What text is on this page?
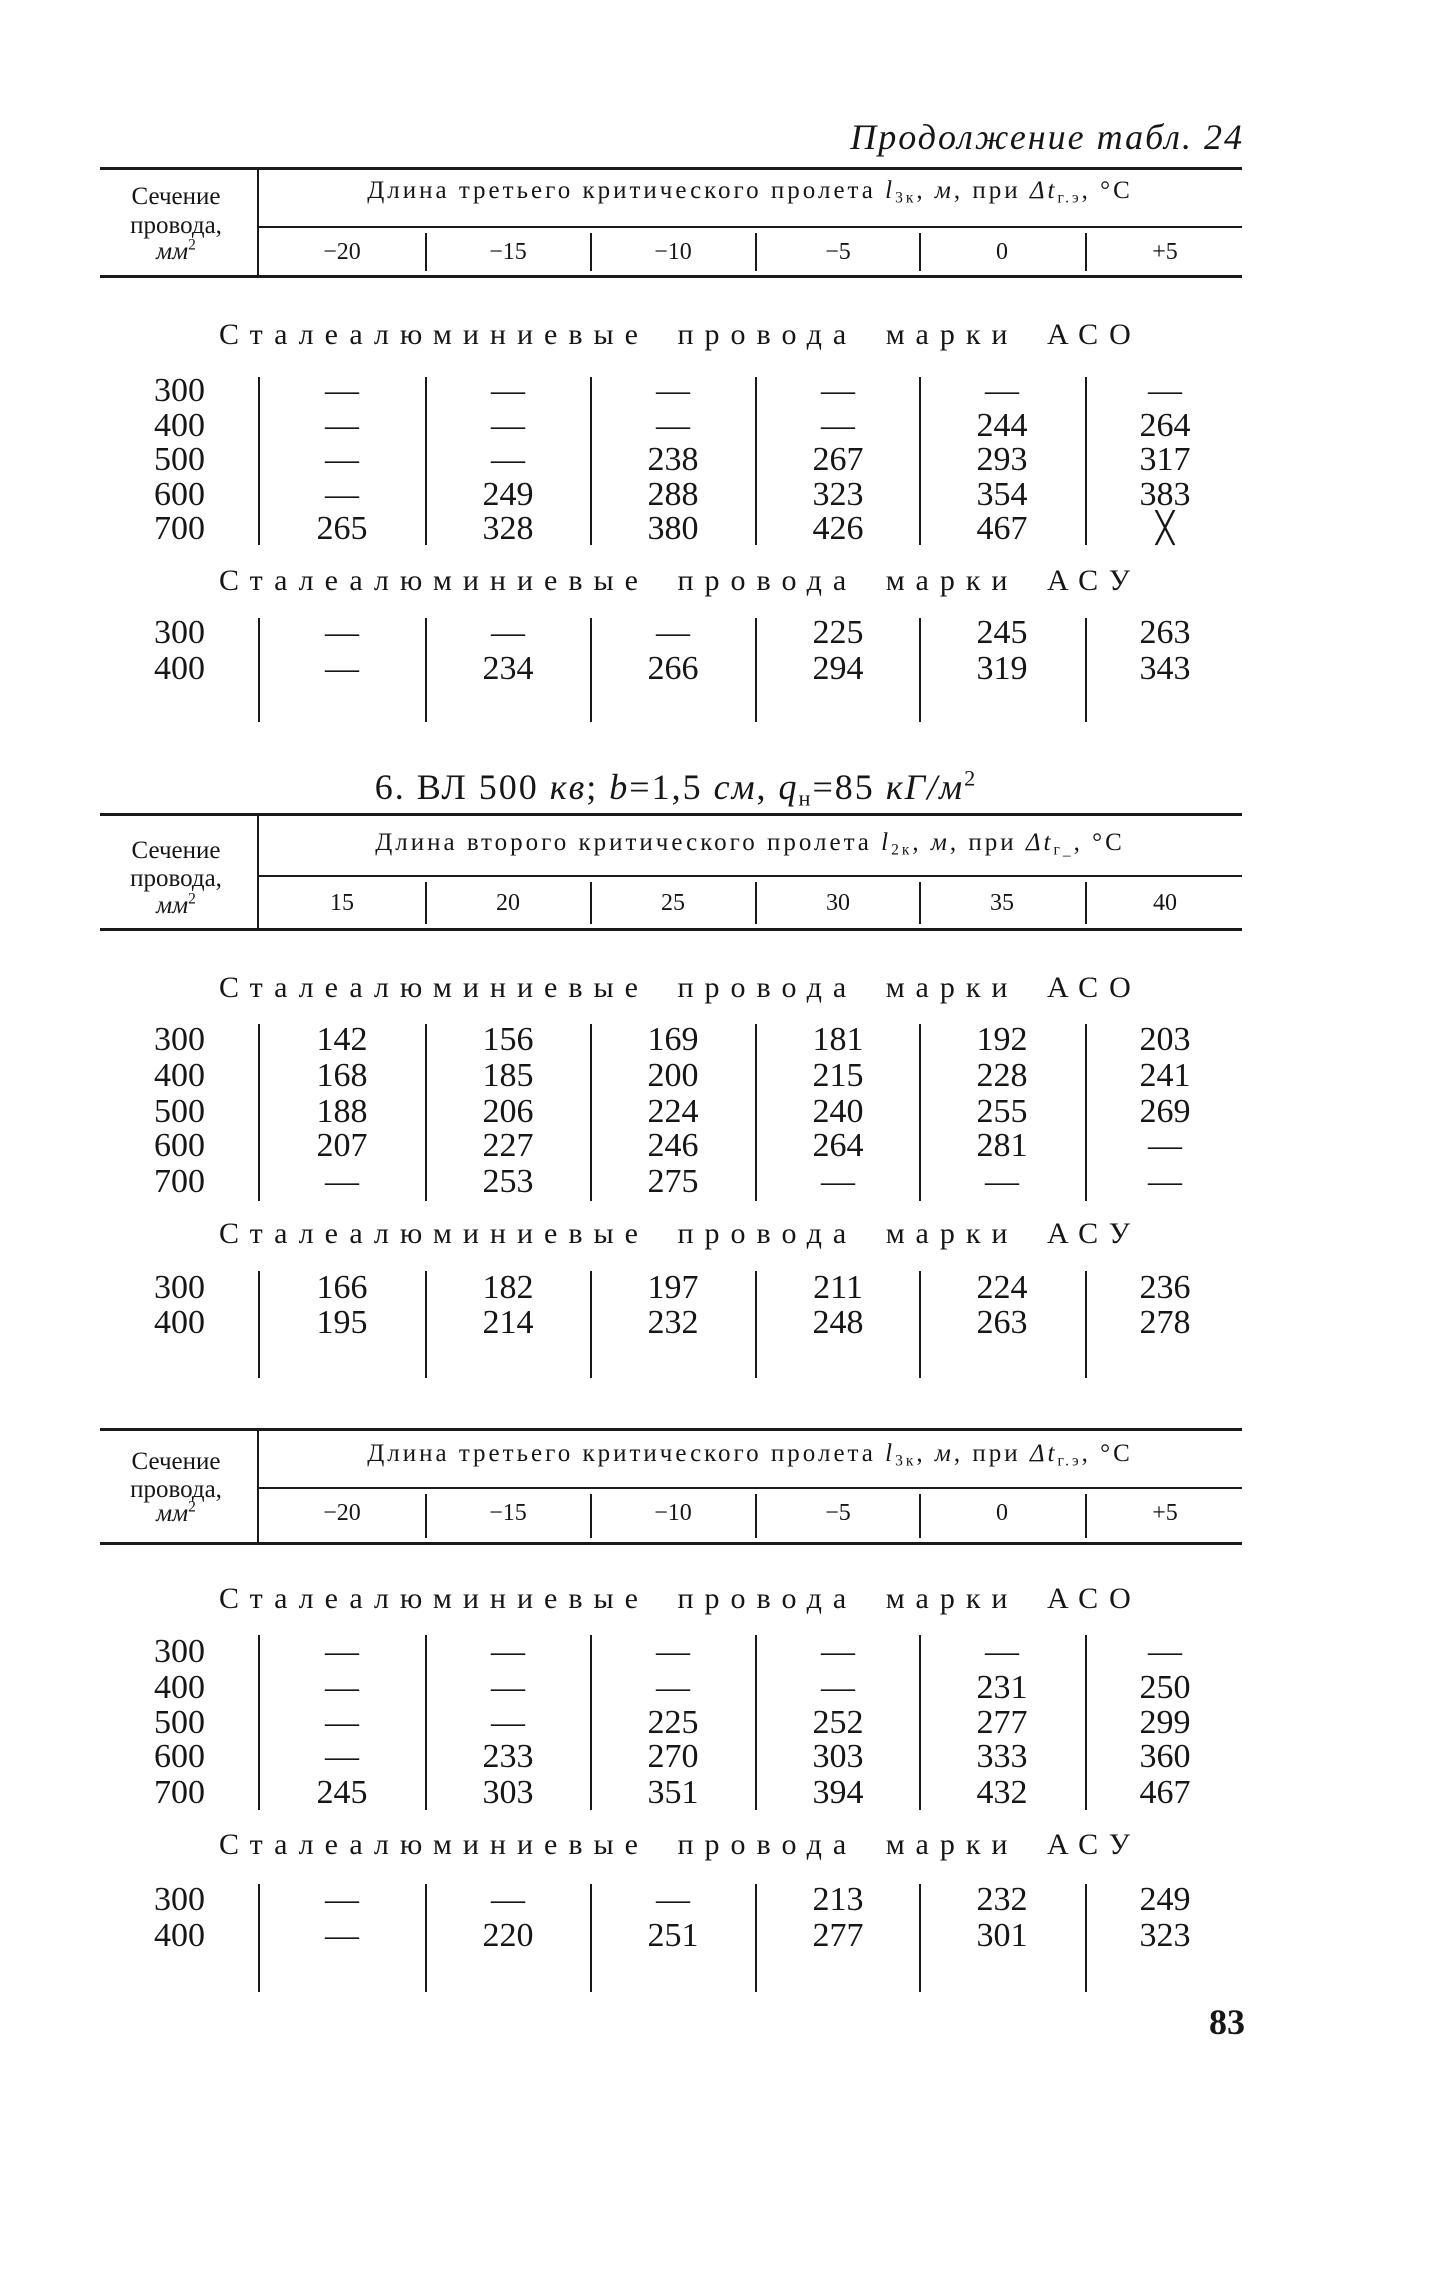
Продолжение табл. 24
6. ВЛ 500 кв; b=1,5 см, $q_н=85$ $кГ/м^2$
83
Сечение
провода,
$мм^2$
Длина третьего критического пролета $l_{3к}$, м, при $\Delta t_{г.э}$, °С
−20	−15	−10	−5	0	+5
Сталеалюминиевые провода марки АСО
300	—	—	—	—	—	—
400	—	—	—	—	244	264
500	—	—	238	267	293	317
600	—	249	288	323	354	383
700	265	328	380	426	467	╳
Сталеалюминиевые провода марки АСУ
300	—	—	—	225	245	263
400	—	234	266	294	319	343
Сечение
провода,
$мм^2$
Длина второго критического пролета $l_{2к}$, м, при $\Delta t_{г\_}$, °С
15	20	25	30	35	40
Сталеалюминиевые провода марки АСО
300	142	156	169	181	192	203
400	168	185	200	215	228	241
500	188	206	224	240	255	269
600	207	227	246	264	281	—
700	—	253	275	—	—	—
Сталеалюминиевые провода марки АСУ
300	166	182	197	211	224	236
400	195	214	232	248	263	278
Сечение
провода,
$мм^2$
Длина третьего критического пролета $l_{3к}$, м, при $\Delta t_{г.э}$, °С
−20	−15	−10	−5	0	+5
Сталеалюминиевые провода марки АСО
300	—	—	—	—	—	—
400	—	—	—	—	231	250
500	—	—	225	252	277	299
600	—	233	270	303	333	360
700	245	303	351	394	432	467
Сталеалюминиевые провода марки АСУ
300	—	—	—	213	232	249
400	—	220	251	277	301	323
